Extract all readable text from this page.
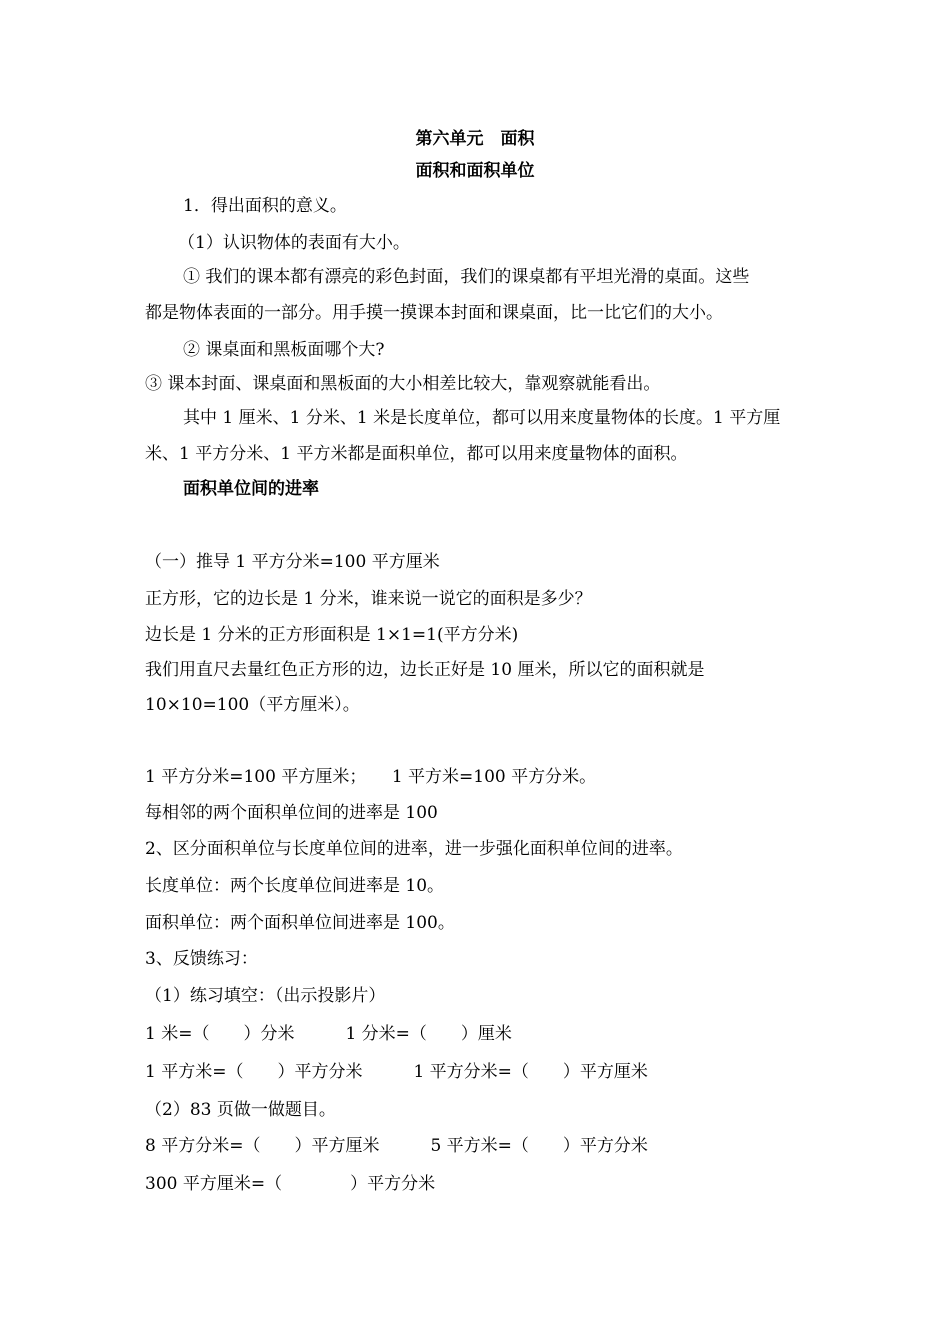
第六单元　面积
面积和面积单位
1．得出面积的意义。
（1）认识物体的表面有大小。
① 我们的课本都有漂亮的彩色封面，我们的课桌都有平坦光滑的桌面。这些
都是物体表面的一部分。用手摸一摸课本封面和课桌面，比一比它们的大小。
② 课桌面和黑板面哪个大?
③ 课本封面、课桌面和黑板面的大小相差比较大，靠观察就能看出。
其中 1 厘米、1 分米、1 米是长度单位，都可以用来度量物体的长度。1 平方厘
米、1 平方分米、1 平方米都是面积单位，都可以用来度量物体的面积。
面积单位间的进率
（一）推导 1 平方分米=100 平方厘米
正方形，它的边长是 1 分米，谁来说一说它的面积是多少？
边长是 1 分米的正方形面积是 1×1=1(平方分米)
我们用直尺去量红色正方形的边，边长正好是 10 厘米，所以它的面积就是
10×10=100（平方厘米）。
1 平方分米=100 平方厘米；　　1 平方米=100 平方分米。
每相邻的两个面积单位间的进率是 100
2、区分面积单位与长度单位间的进率，进一步强化面积单位间的进率。
长度单位：两个长度单位间进率是 10。
面积单位：两个面积单位间进率是 100。
3、反馈练习：
（1）练习填空：（出示投影片）
1 米=（　　）分米　　　1 分米=（　　）厘米
1 平方米=（　　）平方分米　　　1 平方分米=（　　）平方厘米
（2）83 页做一做题目。
8 平方分米=（　　）平方厘米　　　5 平方米=（　　）平方分米
300 平方厘米=（　　　　）平方分米
